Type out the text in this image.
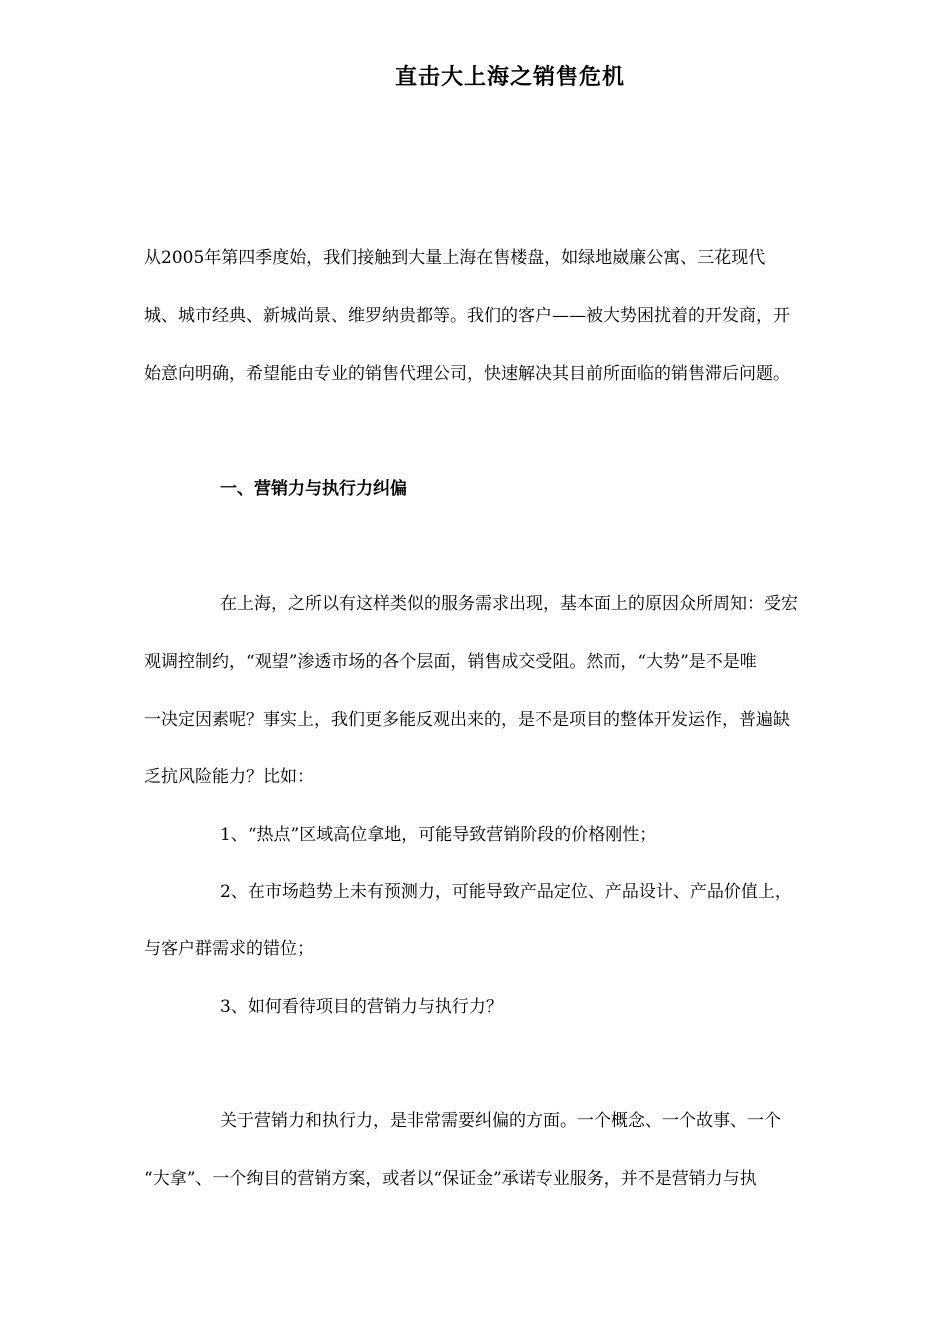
直击大上海之销售危机
从2005年第四季度始，我们接触到大量上海在售楼盘，如绿地崴廉公寓、三花现代
城、城市经典、新城尚景、维罗纳贵都等。我们的客户——被大势困扰着的开发商，开
始意向明确，希望能由专业的销售代理公司，快速解决其目前所面临的销售滞后问题。
一、营销力与执行力纠偏
在上海，之所以有这样类似的服务需求出现，基本面上的原因众所周知：受宏
观调控制约，“观望”渗透市场的各个层面，销售成交受阻。然而，“大势”是不是唯
一决定因素呢？事实上，我们更多能反观出来的，是不是项目的整体开发运作，普遍缺
乏抗风险能力？比如：
1、“热点”区域高位拿地，可能导致营销阶段的价格刚性；
2、在市场趋势上未有预测力，可能导致产品定位、产品设计、产品价值上，
与客户群需求的错位；
3、如何看待项目的营销力与执行力？
关于营销力和执行力，是非常需要纠偏的方面。一个概念、一个故事、一个
“大拿”、一个绚目的营销方案，或者以“保证金”承诺专业服务，并不是营销力与执
